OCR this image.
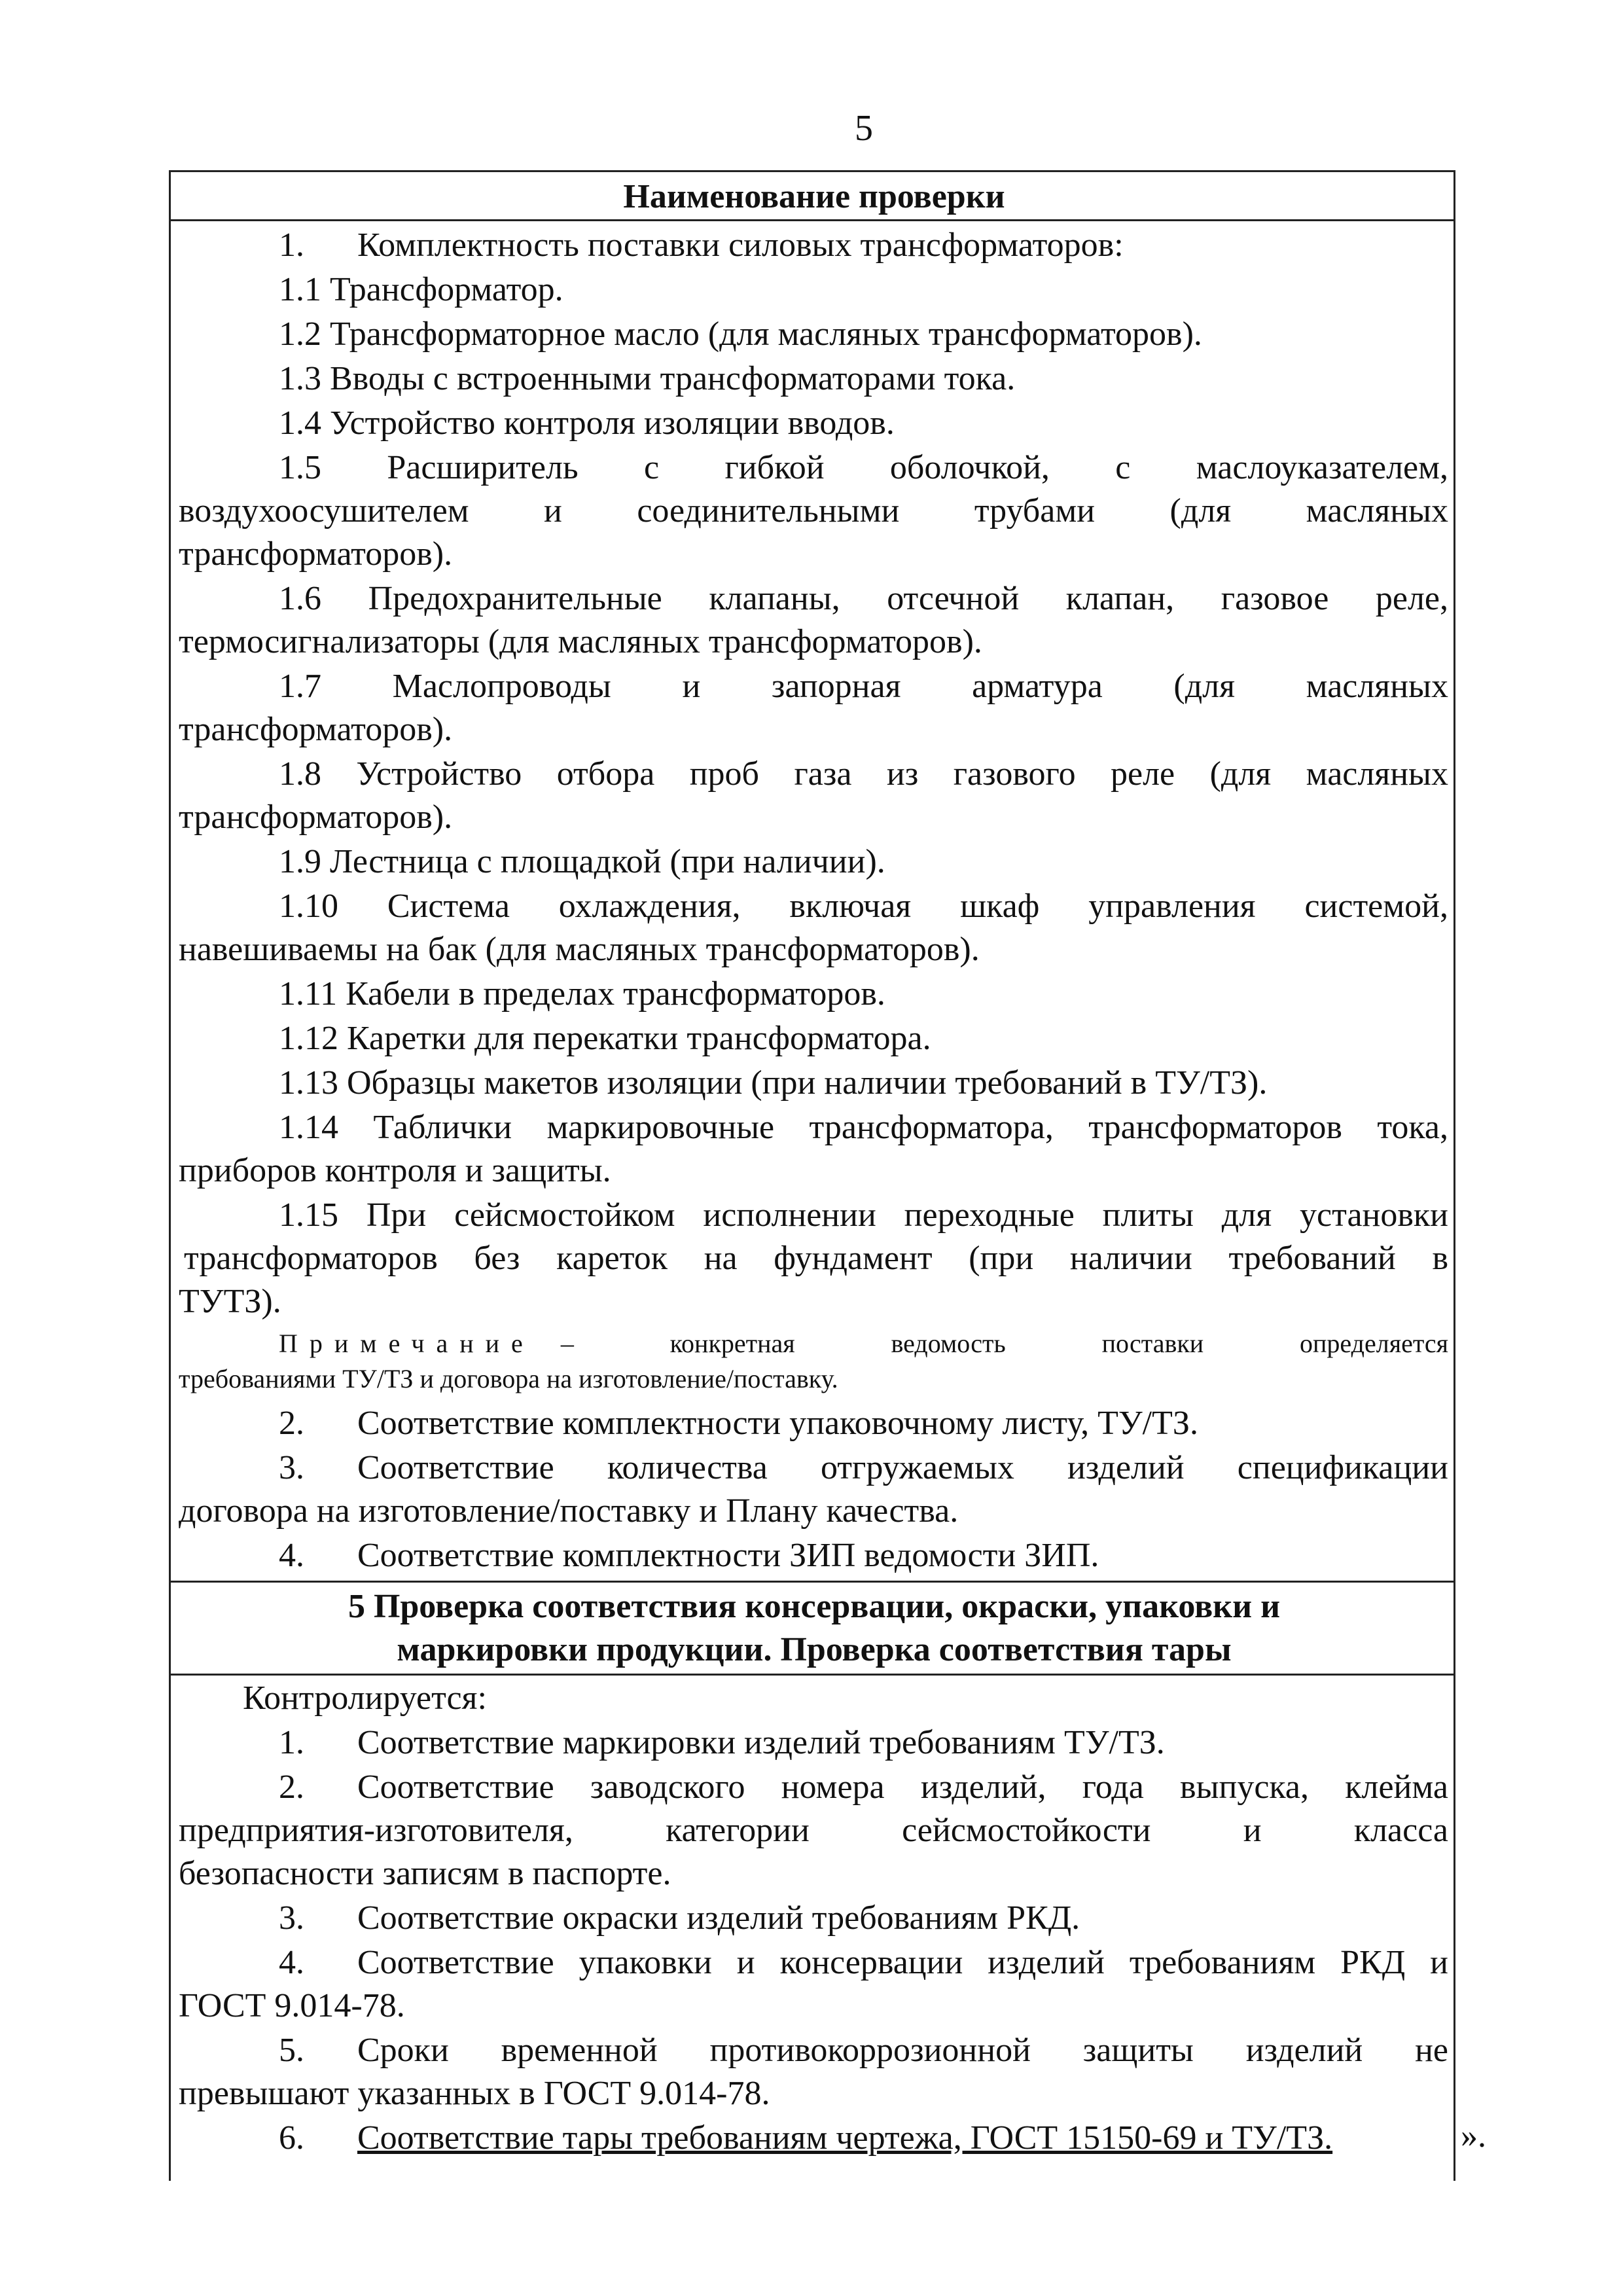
5
Наименование проверки
1. Комплектность поставки силовых трансформаторов:
1.1 Трансформатор.
1.2 Трансформаторное масло (для масляных трансформаторов).
1.3 Вводы с встроенными трансформаторами тока.
1.4 Устройство контроля изоляции вводов.
1.5 Расширитель с гибкой оболочкой, с маслоуказателем,
воздухоосушителем и соединительными трубами (для масляных
трансформаторов).
1.6 Предохранительные клапаны, отсечной клапан, газовое реле,
термосигнализаторы (для масляных трансформаторов).
1.7 Маслопроводы и запорная арматура (для масляных
трансформаторов).
1.8 Устройство отбора проб газа из газового реле (для масляных
трансформаторов).
1.9 Лестница с площадкой (при наличии).
1.10 Система охлаждения, включая шкаф управления системой,
навешиваемы на бак (для масляных трансформаторов).
1.11 Кабели в пределах трансформаторов.
1.12 Каретки для перекатки трансформатора.
1.13 Образцы макетов изоляции (при наличии требований в ТУ/ТЗ).
1.14 Таблички маркировочные трансформатора, трансформаторов тока,
приборов контроля и защиты.
1.15 При сейсмостойком исполнении переходные плиты для установки
трансформаторов без кареток на фундамент (при наличии требований в
ТУТЗ).
Примечание – конкретная ведомость поставки определяется
требованиями ТУ/ТЗ и договора на изготовление/поставку.
2. Соответствие комплектности упаковочному листу, ТУ/ТЗ.
3.	Соответствие количества отгружаемых изделий спецификации
договора на изготовление/поставку и Плану качества.
4. Соответствие комплектности ЗИП ведомости ЗИП.
5 Проверка соответствия консервации, окраски, упаковки и
маркировки продукции. Проверка соответствия тары
Контролируется:
1. Соответствие маркировки изделий требованиям ТУ/ТЗ.
2.	Соответствие заводского номера изделий, года выпуска, клейма
предприятия-изготовителя, категории сейсмостойкости и класса
безопасности записям в паспорте.
3. Соответствие окраски изделий требованиям РКД.
4.	Соответствие упаковки и консервации изделий требованиям РКД и
ГОСТ 9.014-78.
5.	Сроки временной противокоррозионной защиты изделий не
превышают указанных в ГОСТ 9.014-78.
6. Соответствие тары требованиям чертежа, ГОСТ 15150-69 и ТУ/ТЗ.	».
